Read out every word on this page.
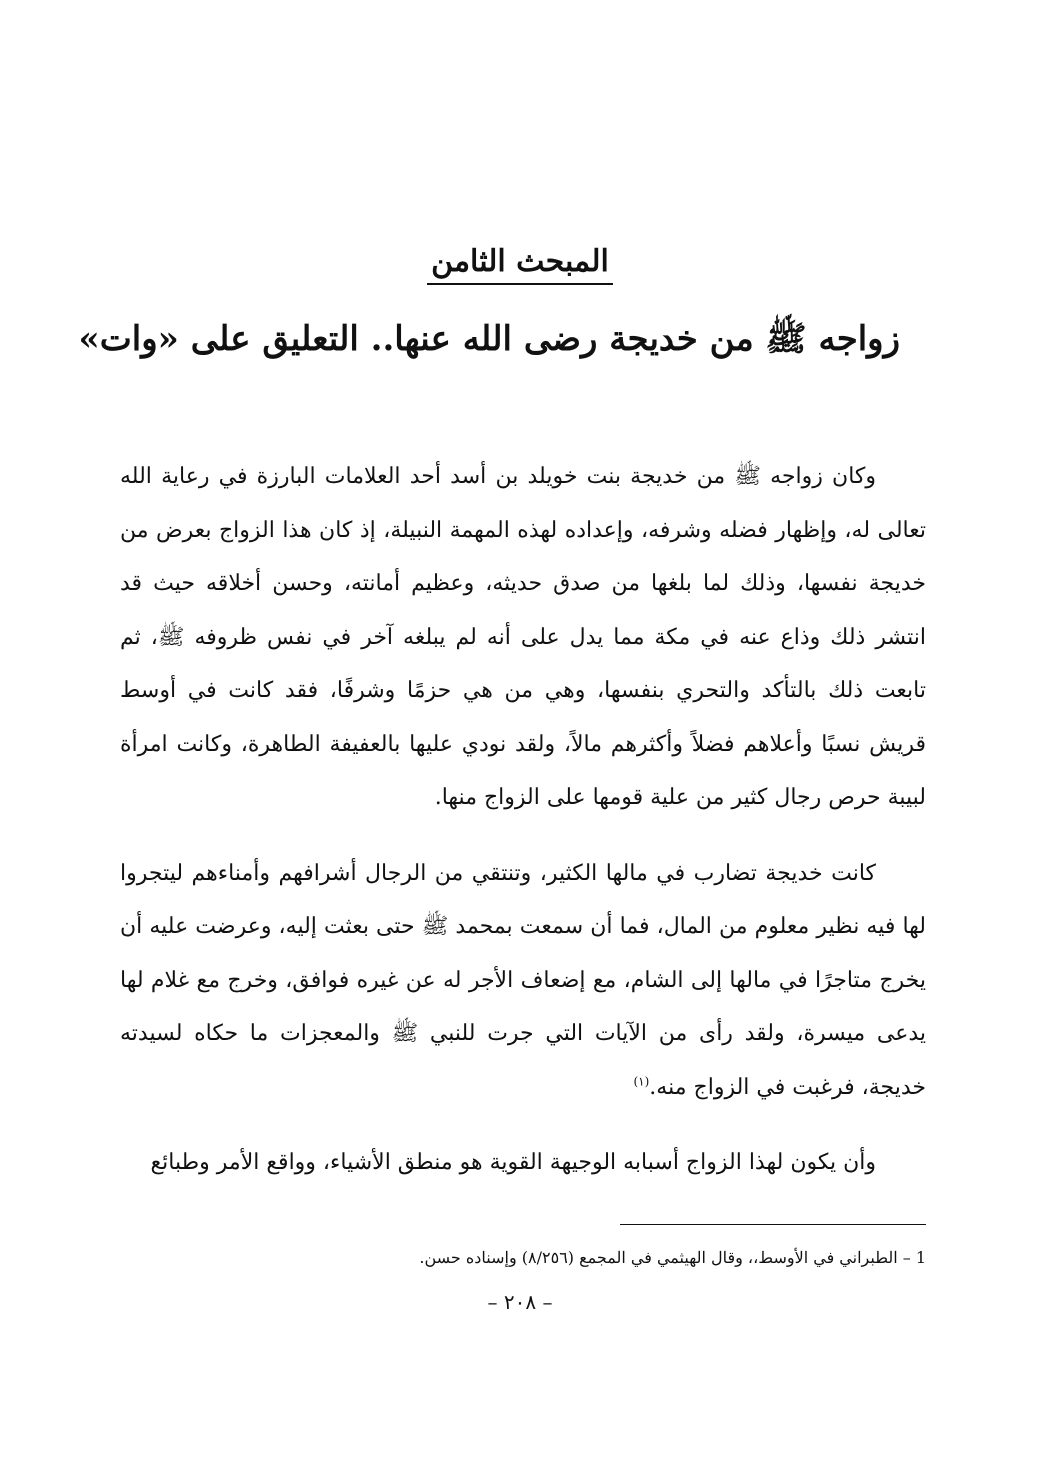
المبحث الثامن
زواجه ﷺ من خديجة رضى الله عنها.. التعليق على «وات»

وكان زواجه ﷺ من خديجة بنت خويلد بن أسد أحد العلامات البارزة في رعاية الله تعالى له، وإظهار فضله وشرفه، وإعداده لهذه المهمة النبيلة، إذ كان هذا الزواج بعرض من خديجة نفسها، وذلك لما بلغها من صدق حديثه، وعظيم أمانته، وحسن أخلاقه حيث قد انتشر ذلك وذاع عنه في مكة مما يدل على أنه لم يبلغه آخر في نفس ظروفه ﷺ، ثم تابعت ذلك بالتأكد والتحري بنفسها، وهي من هي حزمًا وشرفًا، فقد كانت في أوسط قريش نسبًا وأعلاهم فضلاً وأكثرهم مالاً، ولقد نودي عليها بالعفيفة الطاهرة، وكانت امرأة لبيبة حرص رجال كثير من علية قومها على الزواج منها.

كانت خديجة تضارب في مالها الكثير، وتنتقي من الرجال أشرافهم وأمناءهم ليتجروا لها فيه نظير معلوم من المال، فما أن سمعت بمحمد ﷺ حتى بعثت إليه، وعرضت عليه أن يخرج متاجرًا في مالها إلى الشام، مع إضعاف الأجر له عن غيره فوافق، وخرج مع غلام لها يدعى ميسرة، ولقد رأى من الآيات التي جرت للنبي ﷺ والمعجزات ما حكاه لسيدته خديجة، فرغبت في الزواج منه.$^{(١)}$

وأن يكون لهذا الزواج أسبابه الوجيهة القوية هو منطق الأشياء، وواقع الأمر وطبائع

1 – الطبراني في الأوسط،، وقال الهيثمي في المجمع (٨/٢٥٦) وإسناده حسن.
– ٢٠٨ –
